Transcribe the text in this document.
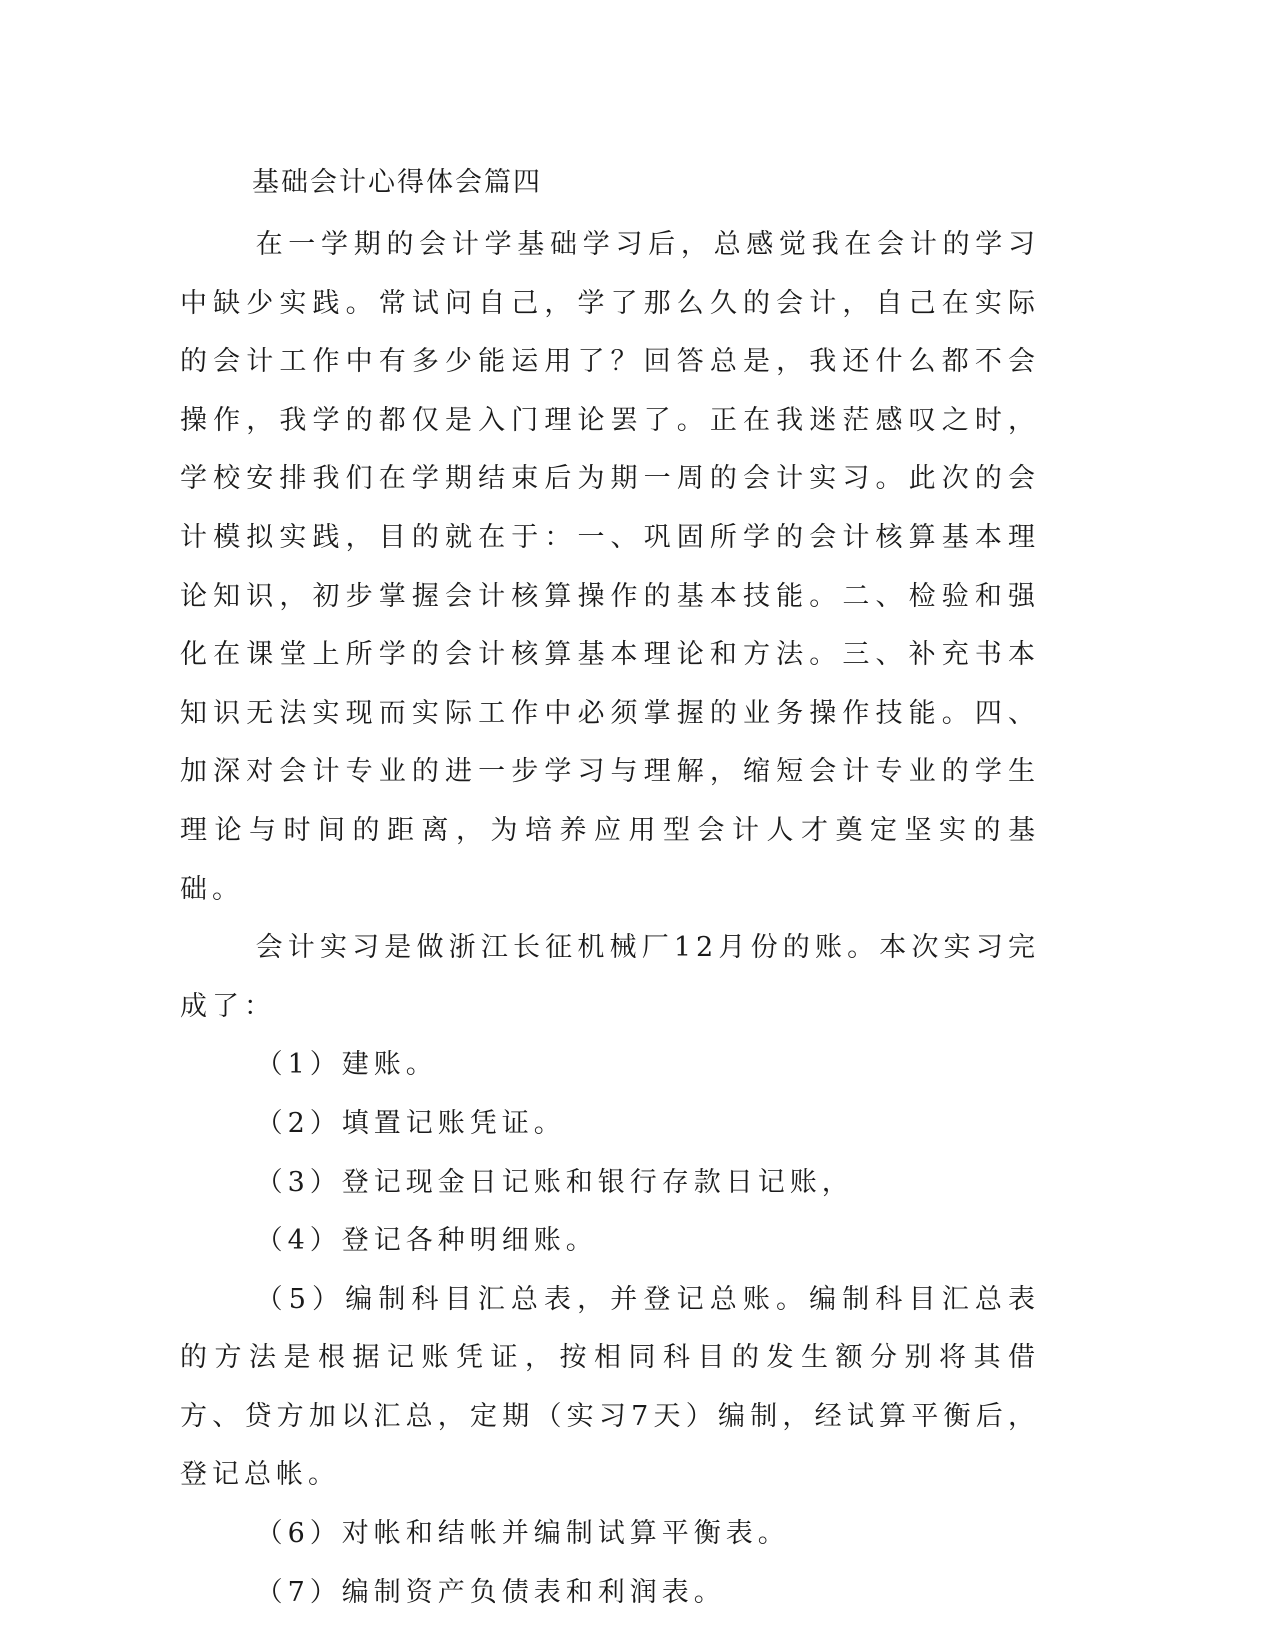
基础会计心得体会篇四

在一学期的会计学基础学习后，总感觉我在会计的学习中缺少实践。常试问自己，学了那么久的会计，自己在实际的会计工作中有多少能运用了？回答总是，我还什么都不会操作，我学的都仅是入门理论罢了。正在我迷茫感叹之时，学校安排我们在学期结束后为期一周的会计实习。此次的会计模拟实践，目的就在于：一、巩固所学的会计核算基本理论知识，初步掌握会计核算操作的基本技能。二、检验和强化在课堂上所学的会计核算基本理论和方法。三、补充书本知识无法实现而实际工作中必须掌握的业务操作技能。四、加深对会计专业的进一步学习与理解，缩短会计专业的学生理论与时间的距离，为培养应用型会计人才奠定坚实的基础。

会计实习是做浙江长征机械厂12月份的账。本次实习完成了：

（1）建账。

（2）填置记账凭证。

（3）登记现金日记账和银行存款日记账，

（4）登记各种明细账。

（5）编制科目汇总表，并登记总账。编制科目汇总表的方法是根据记账凭证，按相同科目的发生额分别将其借方、贷方加以汇总，定期（实习7天）编制，经试算平衡后，登记总帐。

（6）对帐和结帐并编制试算平衡表。

（7）编制资产负债表和利润表。
